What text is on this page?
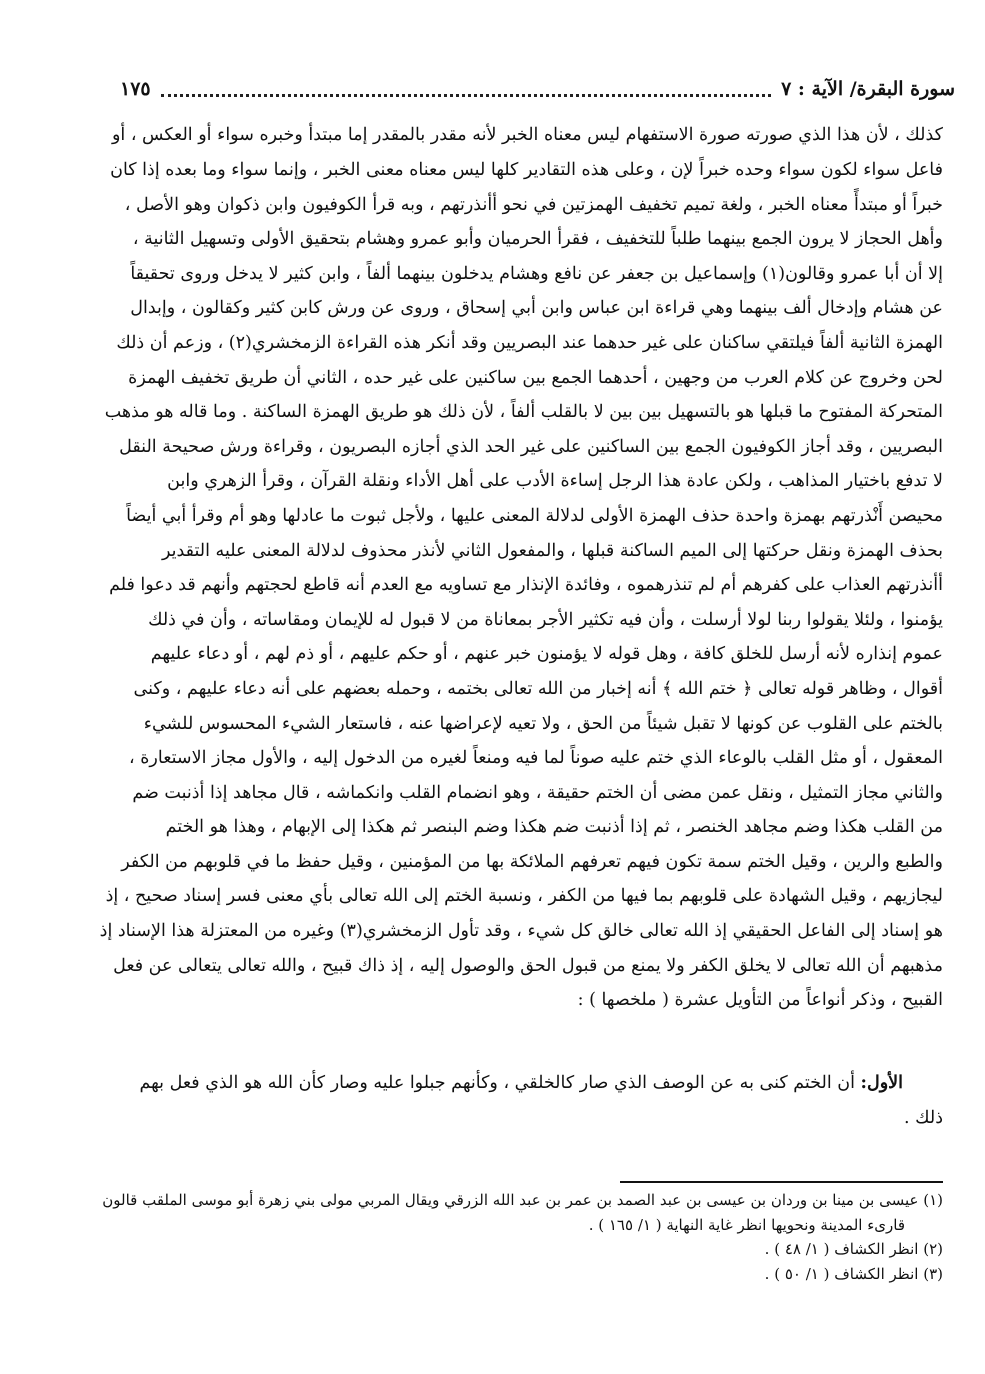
سورة البقرة/ الآية : ٧
١٧٥
كذلك ، لأن هذا الذي صورته صورة الاستفهام ليس معناه الخبر لأنه مقدر بالمقدر إما مبتدأ وخبره سواء أو العكس ، أو
فاعل سواء لكون سواء وحده خبراً لإن ، وعلى هذه التقادير كلها ليس معناه معنى الخبر ، وإنما سواء وما بعده إذا كان
خبراً أو مبتدأً معناه الخبر ، ولغة تميم تخفيف الهمزتين في نحو أأنذرتهم ، وبه قرأ الكوفيون وابن ذكوان وهو الأصل ،
وأهل الحجاز لا يرون الجمع بينهما طلباً للتخفيف ، فقرأ الحرميان وأبو عمرو وهشام بتحقيق الأولى وتسهيل الثانية ،
إلا أن أبا عمرو وقالون(١) وإسماعيل بن جعفر عن نافع وهشام يدخلون بينهما ألفاً ، وابن كثير لا يدخل وروى تحقيقاً
عن هشام وإدخال ألف بينهما وهي قراءة ابن عباس وابن أبي إسحاق ، وروى عن ورش كابن كثير وكقالون ، وإبدال
الهمزة الثانية ألفاً فيلتقي ساكنان على غير حدهما عند البصريين وقد أنكر هذه القراءة الزمخشري(٢) ، وزعم أن ذلك
لحن وخروج عن كلام العرب من وجهين ، أحدهما الجمع بين ساكنين على غير حده ، الثاني أن طريق تخفيف الهمزة
المتحركة المفتوح ما قبلها هو بالتسهيل بين بين لا بالقلب ألفاً ، لأن ذلك هو طريق الهمزة الساكنة . وما قاله هو مذهب
البصريين ، وقد أجاز الكوفيون الجمع بين الساكنين على غير الحد الذي أجازه البصريون ، وقراءة ورش صحيحة النقل
لا تدفع باختيار المذاهب ، ولكن عادة هذا الرجل إساءة الأدب على أهل الأداء ونقلة القرآن ، وقرأ الزهري وابن
محيصن أَنْذرتهم بهمزة واحدة حذف الهمزة الأولى لدلالة المعنى عليها ، ولأجل ثبوت ما عادلها وهو أم وقرأ أبي أيضاً
بحذف الهمزة ونقل حركتها إلى الميم الساكنة قبلها ، والمفعول الثاني لأنذر محذوف لدلالة المعنى عليه التقدير
أأنذرتهم العذاب على كفرهم أم لم تنذرهموه ، وفائدة الإنذار مع تساويه مع العدم أنه قاطع لحجتهم وأنهم قد دعوا فلم
يؤمنوا ، ولئلا يقولوا ربنا لولا أرسلت ، وأن فيه تكثير الأجر بمعاناة من لا قبول له للإيمان ومقاساته ، وأن في ذلك
عموم إنذاره لأنه أرسل للخلق كافة ، وهل قوله لا يؤمنون خبر عنهم ، أو حكم عليهم ، أو ذم لهم ، أو دعاء عليهم
أقوال ، وظاهر قوله تعالى ﴿ ختم الله ﴾ أنه إخبار من الله تعالى بختمه ، وحمله بعضهم على أنه دعاء عليهم ، وكنى
بالختم على القلوب عن كونها لا تقبل شيئاً من الحق ، ولا تعيه لإعراضها عنه ، فاستعار الشيء المحسوس للشيء
المعقول ، أو مثل القلب بالوعاء الذي ختم عليه صوناً لما فيه ومنعاً لغيره من الدخول إليه ، والأول مجاز الاستعارة ،
والثاني مجاز التمثيل ، ونقل عمن مضى أن الختم حقيقة ، وهو انضمام القلب وانكماشه ، قال مجاهد إذا أذنبت ضم
من القلب هكذا وضم مجاهد الخنصر ، ثم إذا أذنبت ضم هكذا وضم البنصر ثم هكذا إلى الإبهام ، وهذا هو الختم
والطبع والرين ، وقيل الختم سمة تكون فيهم تعرفهم الملائكة بها من المؤمنين ، وقيل حفظ ما في قلوبهم من الكفر
ليجازيهم ، وقيل الشهادة على قلوبهم بما فيها من الكفر ، ونسبة الختم إلى الله تعالى بأي معنى فسر إسناد صحيح ، إذ
هو إسناد إلى الفاعل الحقيقي إذ الله تعالى خالق كل شيء ، وقد تأول الزمخشري(٣) وغيره من المعتزلة هذا الإسناد إذ
مذهبهم أن الله تعالى لا يخلق الكفر ولا يمنع من قبول الحق والوصول إليه ، إذ ذاك قبيح ، والله تعالى يتعالى عن فعل
القبيح ، وذكر أنواعاً من التأويل عشرة ( ملخصها ) :
الأول: أن الختم كنى به عن الوصف الذي صار كالخلقي ، وكأنهم جبلوا عليه وصار كأن الله هو الذي فعل بهم
ذلك .
(١) عيسى بن مينا بن وردان بن عيسى بن عبد الصمد بن عمر بن عبد الله الزرقي ويقال المربي مولى بني زهرة أبو موسى الملقب قالون
قارىء المدينة ونحويها انظر غاية النهاية ( ١/ ١٦٥ ) .
(٢) انظر الكشاف ( ١/ ٤٨ ) .
(٣) انظر الكشاف ( ١/ ٥٠ ) .
